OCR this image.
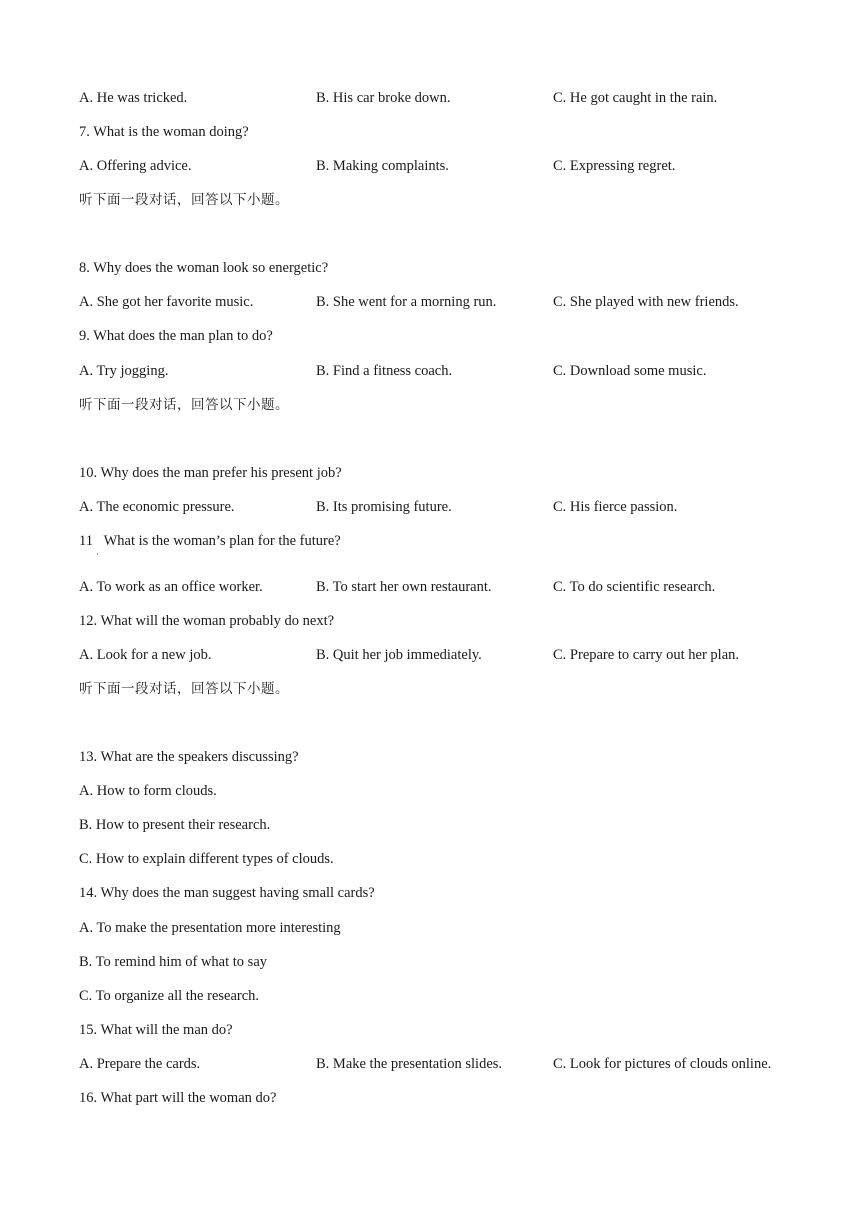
A. He was tricked.	B. His car broke down.	C. He got caught in the rain.
7. What is the woman doing?
A. Offering advice.	B. Making complaints.	C. Expressing regret.
听下面一段对话，回答以下小题。
8. Why does the woman look so energetic?
A. She got her favorite music.	B. She went for a morning run.	C. She played with new friends.
9. What does the man plan to do?
A. Try jogging.	B. Find a fitness coach.	C. Download some music.
听下面一段对话，回答以下小题。
10. Why does the man prefer his present job?
A. The economic pressure.	B. Its promising future.	C. His fierce passion.
11   What is the woman’s plan for the future?
·
A. To work as an office worker.	B. To start her own restaurant.	C. To do scientific research.
12. What will the woman probably do next?
A. Look for a new job.	B. Quit her job immediately.	C. Prepare to carry out her plan.
听下面一段对话，回答以下小题。
13. What are the speakers discussing?
A. How to form clouds.
B. How to present their research.
C. How to explain different types of clouds.
14. Why does the man suggest having small cards?
A. To make the presentation more interesting
B. To remind him of what to say
C. To organize all the research.
15. What will the man do?
A. Prepare the cards.	B. Make the presentation slides.	C. Look for pictures of clouds online.
16. What part will the woman do?
